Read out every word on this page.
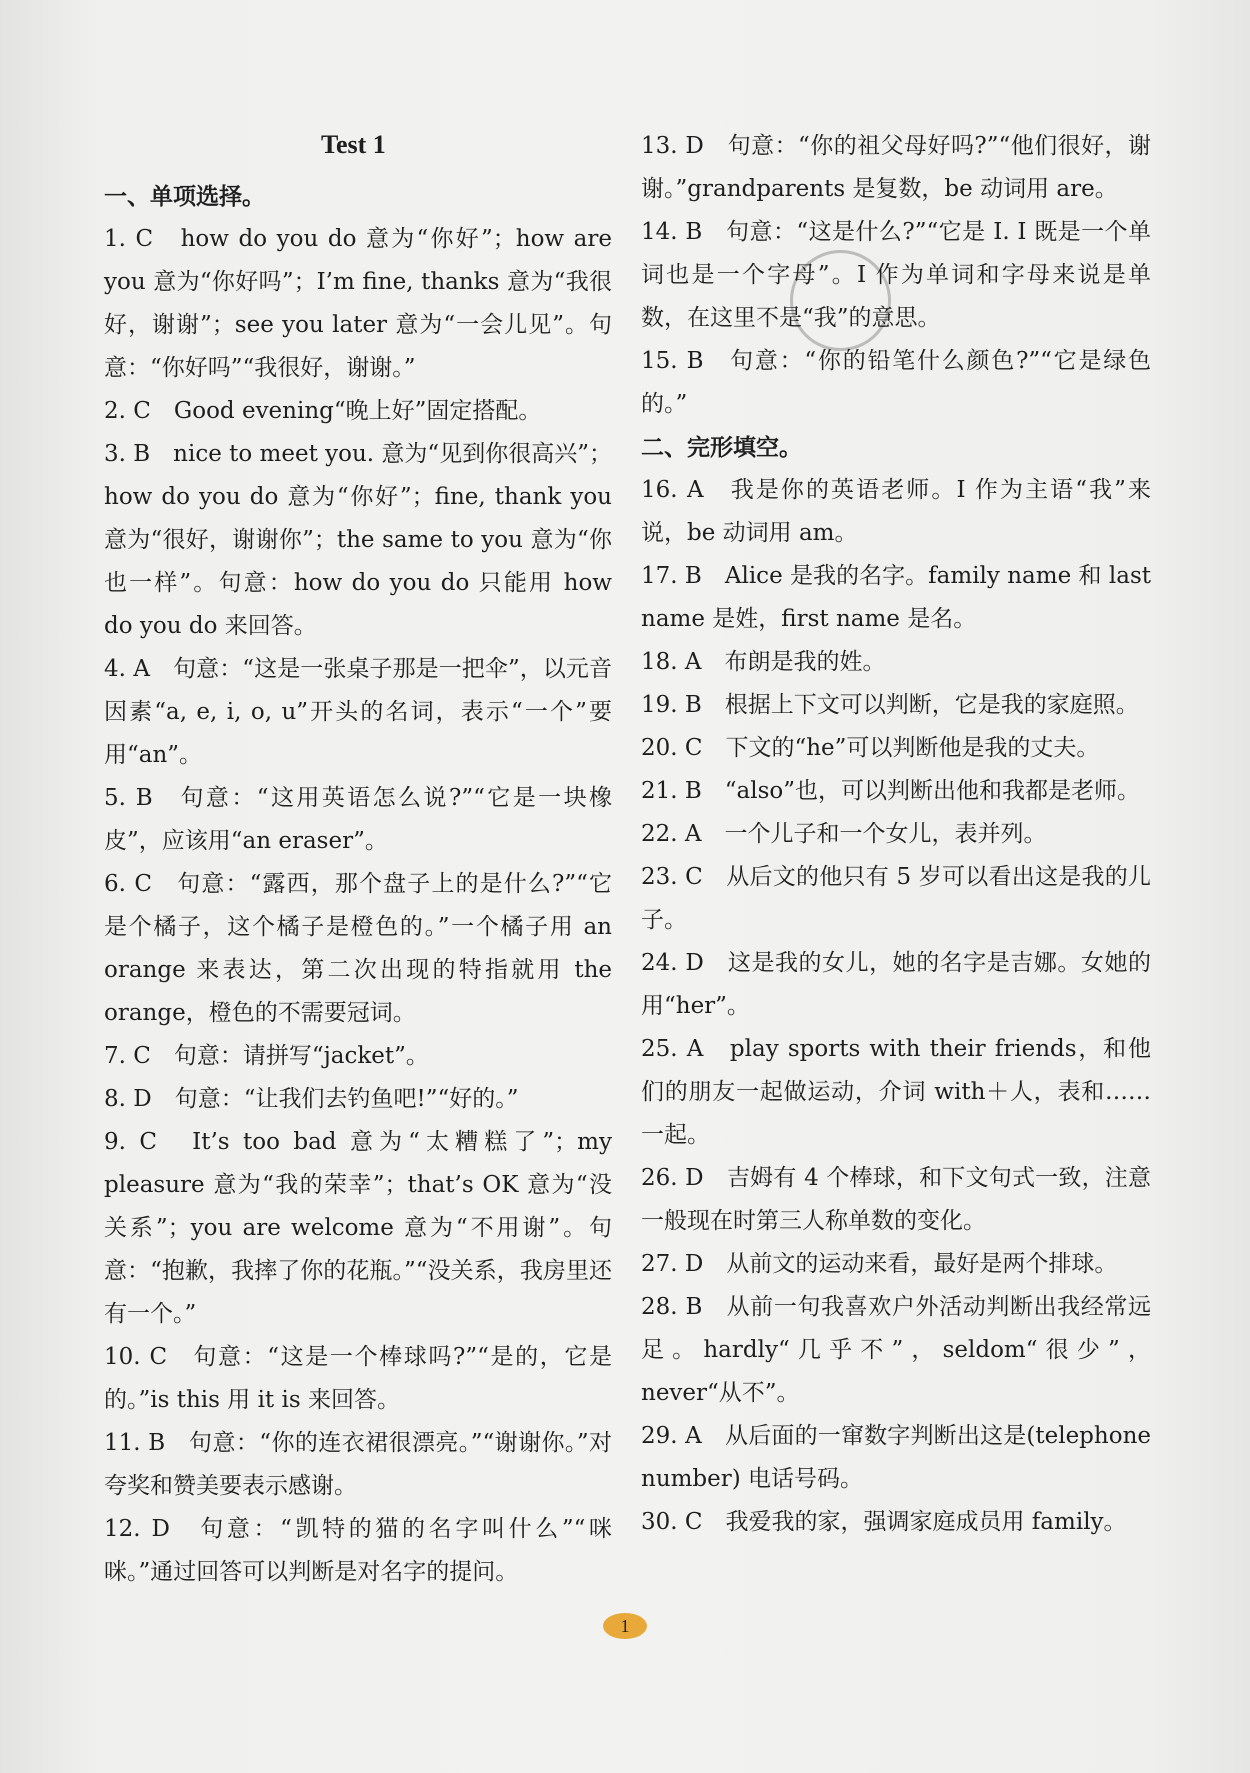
Test 1
一、单项选择。
1. C　how do you do 意为“你好”；how are you 意为“你好吗”；I’m fine, thanks 意为“我很好，谢谢”；see you later 意为“一会儿见”。句意：“你好吗”“我很好，谢谢。”
2. C　Good evening“晚上好”固定搭配。
3. B　nice to meet you. 意为“见到你很高兴”；how do you do 意为“你好”；fine, thank you 意为“很好，谢谢你”；the same to you 意为“你也一样”。句意：how do you do 只能用 how do you do 来回答。
4. A　句意：“这是一张桌子那是一把伞”，以元音因素“a, e, i, o, u”开头的名词，表示“一个”要用“an”。
5. B　句意：“这用英语怎么说?”“它是一块橡皮”，应该用“an eraser”。
6. C　句意：“露西，那个盘子上的是什么?”“它是个橘子，这个橘子是橙色的。”一个橘子用 an orange 来表达，第二次出现的特指就用 the orange，橙色的不需要冠词。
7. C　句意：请拼写“jacket”。
8. D　句意：“让我们去钓鱼吧!”“好的。”
9. C　It’s too bad 意为“太糟糕了”；my pleasure 意为“我的荣幸”；that’s OK 意为“没关系”；you are welcome 意为“不用谢”。句意：“抱歉，我摔了你的花瓶。”“没关系，我房里还有一个。”
10. C　句意：“这是一个棒球吗?”“是的，它是的。”is this 用 it is 来回答。
11. B　句意：“你的连衣裙很漂亮。”“谢谢你。”对夸奖和赞美要表示感谢。
12. D　句意：“凯特的猫的名字叫什么”“咪咪。”通过回答可以判断是对名字的提问。
13. D　句意：“你的祖父母好吗?”“他们很好，谢谢。”grandparents 是复数，be 动词用 are。
14. B　句意：“这是什么?”“它是 I. I 既是一个单词也是一个字母”。I 作为单词和字母来说是单数，在这里不是“我”的意思。
15. B　句意：“你的铅笔什么颜色?”“它是绿色的。”
二、完形填空。
16. A　我是你的英语老师。I 作为主语“我”来说，be 动词用 am。
17. B　Alice 是我的名字。family name 和 last name 是姓，first name 是名。
18. A　布朗是我的姓。
19. B　根据上下文可以判断，它是我的家庭照。
20. C　下文的“he”可以判断他是我的丈夫。
21. B　“also”也，可以判断出他和我都是老师。
22. A　一个儿子和一个女儿，表并列。
23. C　从后文的他只有 5 岁可以看出这是我的儿子。
24. D　这是我的女儿，她的名字是吉娜。女她的用“her”。
25. A　play sports with their friends，和他们的朋友一起做运动，介词 with＋人，表和……一起。
26. D　吉姆有 4 个棒球，和下文句式一致，注意一般现在时第三人称单数的变化。
27. D　从前文的运动来看，最好是两个排球。
28. B　从前一句我喜欢户外活动判断出我经常远足。hardly“几乎不”，seldom“很少”，never“从不”。
29. A　从后面的一窜数字判断出这是(telephone number) 电话号码。
30. C　我爱我的家，强调家庭成员用 family。
1
